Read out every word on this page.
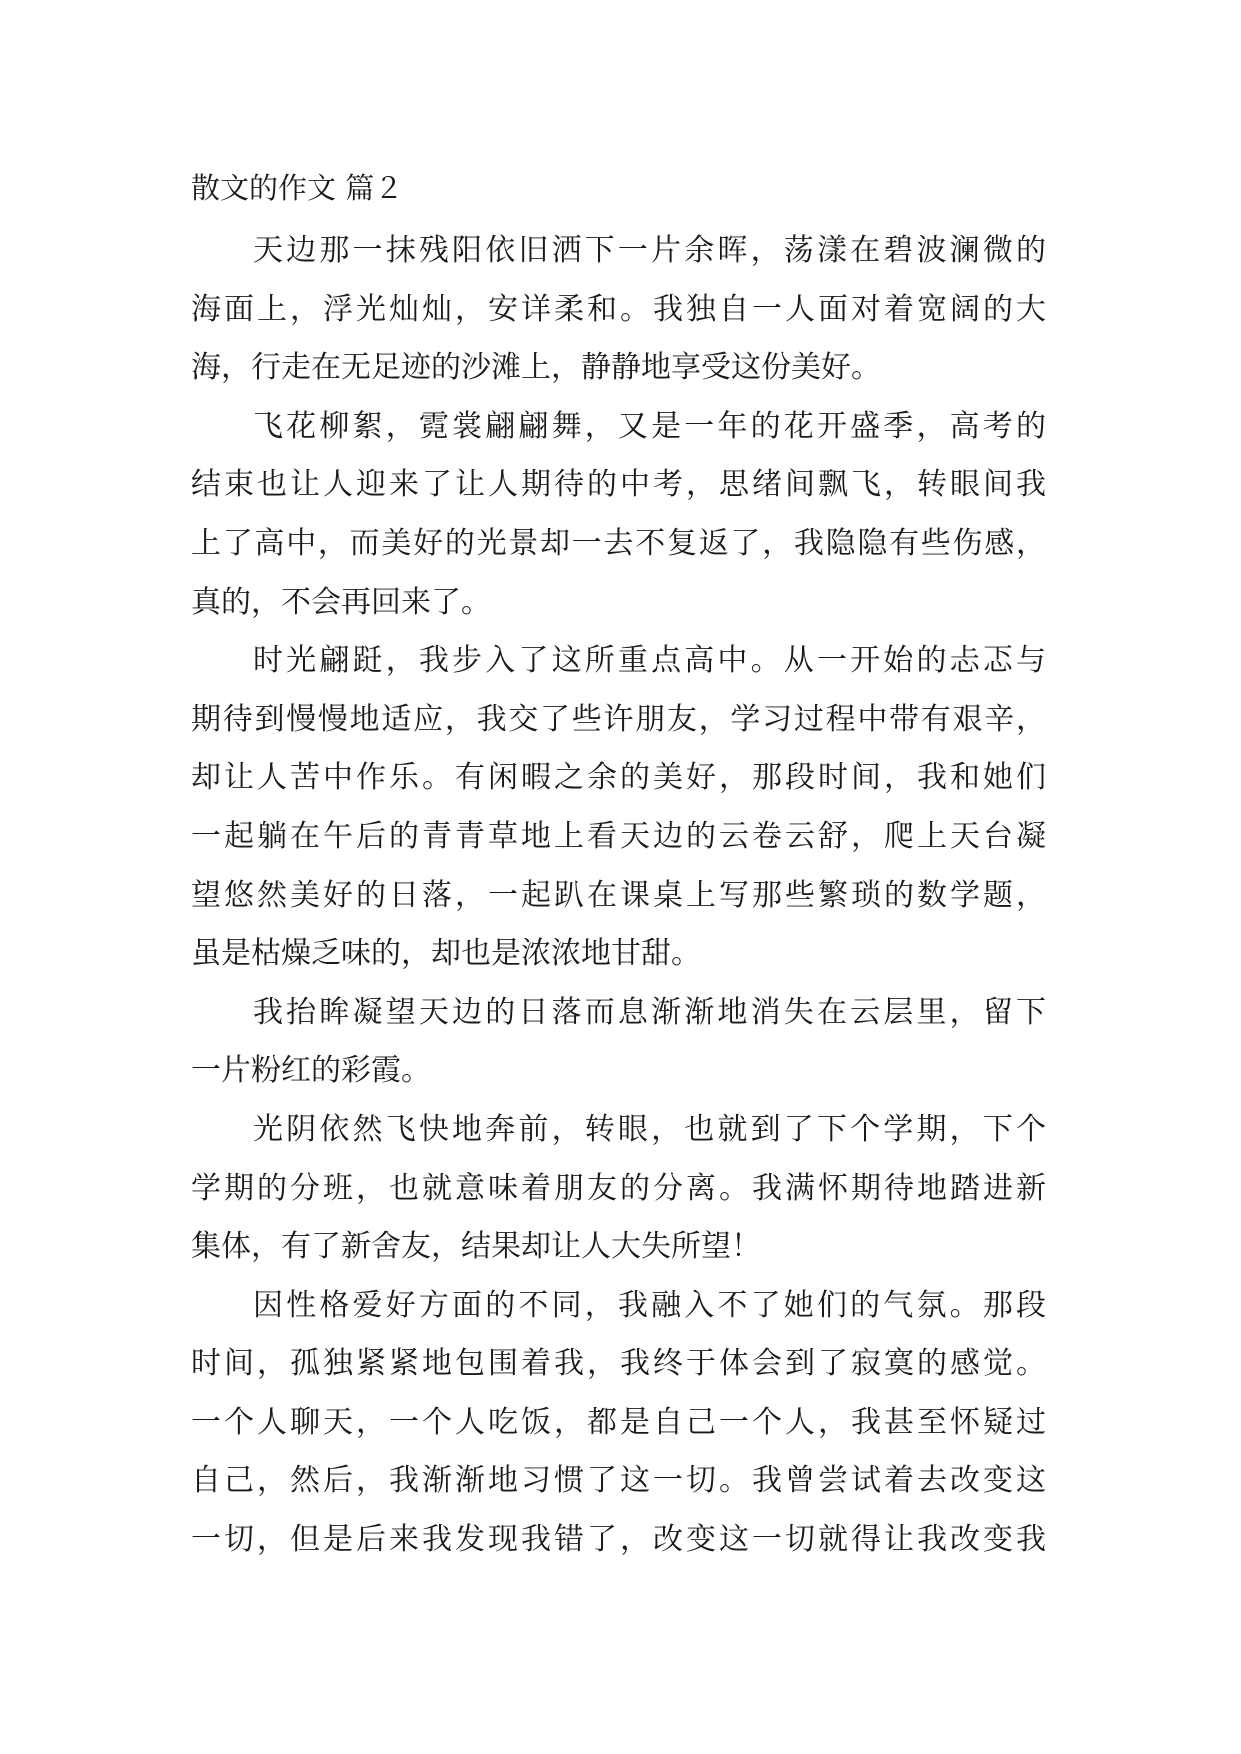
散文的作文 篇２
天边那一抹残阳依旧洒下一片余晖，荡漾在碧波澜微的
海面上，浮光灿灿，安详柔和。我独自一人面对着宽阔的大
海，行走在无足迹的沙滩上，静静地享受这份美好。
飞花柳絮，霓裳翩翩舞，又是一年的花开盛季，高考的
结束也让人迎来了让人期待的中考，思绪间飘飞，转眼间我
上了高中，而美好的光景却一去不复返了，我隐隐有些伤感，
真的，不会再回来了。
时光翩跹，我步入了这所重点高中。从一开始的忐忑与
期待到慢慢地适应，我交了些许朋友，学习过程中带有艰辛，
却让人苦中作乐。有闲暇之余的美好，那段时间，我和她们
一起躺在午后的青青草地上看天边的云卷云舒，爬上天台凝
望悠然美好的日落，一起趴在课桌上写那些繁琐的数学题，
虽是枯燥乏味的，却也是浓浓地甘甜。
我抬眸凝望天边的日落而息渐渐地消失在云层里，留下
一片粉红的彩霞。
光阴依然飞快地奔前，转眼，也就到了下个学期，下个
学期的分班，也就意味着朋友的分离。我满怀期待地踏进新
集体，有了新舍友，结果却让人大失所望！
因性格爱好方面的不同，我融入不了她们的气氛。那段
时间，孤独紧紧地包围着我，我终于体会到了寂寞的感觉。
一个人聊天，一个人吃饭，都是自己一个人，我甚至怀疑过
自己，然后，我渐渐地习惯了这一切。我曾尝试着去改变这
一切，但是后来我发现我错了，改变这一切就得让我改变我
